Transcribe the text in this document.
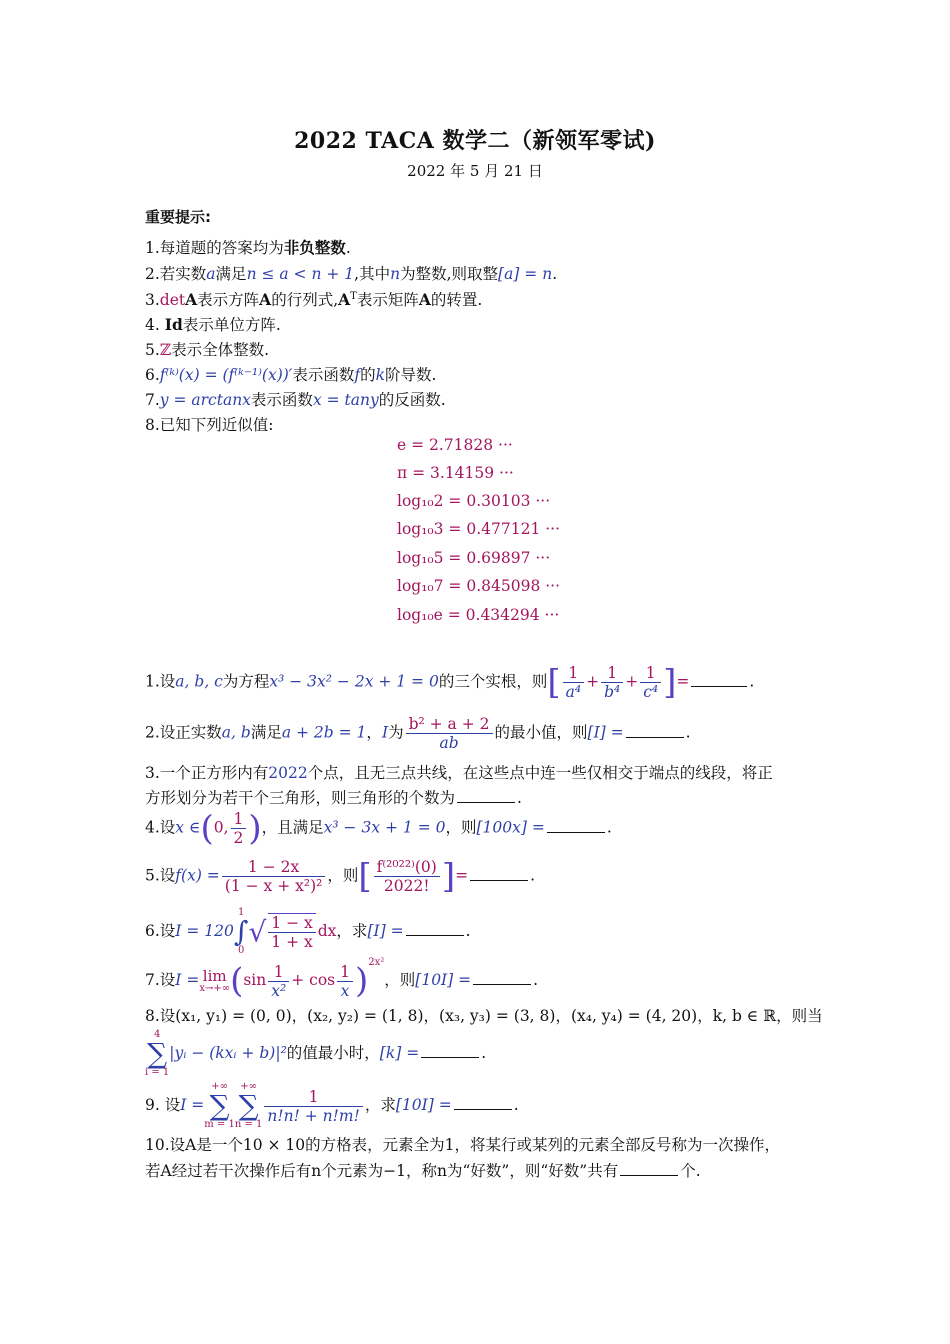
2022 TACA 数学二（新领军零试)
2022 年 5 月 21 日
重要提示:
1.每道题的答案均为非负整数.
2.若实数a满足n ≤ a < n + 1,其中n为整数,则取整[a] = n.
3.detA表示方阵A的行列式$,A^T$表示矩阵A的转置.
4. Id表示单位方阵.
5.ℤ表示全体整数.
6.f⁽ᵏ⁾(x) = (f⁽ᵏ⁻¹⁾(x))′表示函数f的k阶导数.
7.y = arctanx表示函数x = tany的反函数.
8.已知下列近似值:
e = 2.71828 ···
π = 3.14159 ···
log₁₀2 = 0.30103 ···
log₁₀3 = 0.477121 ···
log₁₀5 = 0.69897 ···
log₁₀7 = 0.845098 ···
log₁₀e = 0.434294 ···
1.设a, b, c为方程x³ − 3x² − 2x + 1 = 0的三个实根，则[ $\frac{1}{\text{a⁴}} + \frac{1}{\text{b⁴}} + \frac{1}{\text{c⁴}}$ ]=	.
2.设正实数a, b满足a + 2b = 1，I为 $\frac{\text{b² + a + 2}}{ab}$ 的最小值，则[I] =	.
3.一个正方形内有2022个点，且无三点共线，在这些点中连一些仅相交于端点的线段，将正
方形划分为若干个三角形，则三角形的个数为	.
4.设x ∈(0, $\frac{1}{2}$ )，且满足x³ − 3x + 1 = 0，则[100x] =	.
5.设$f(x) = \frac{1 - 2x}{\text{(1 − x + x²)²}}$ ，则[ $\frac{\text{f⁽²⁰²²⁾(0)}}{2022!}$ ]=	.
6.设I = 120
1
∫
0
√ $\frac{1 - x}{1 + x}$ dx，求[I] =	.
7.设I = lim
x→+∞ $(\sin \frac{1}{\text{x²}} + \cos \frac{1}{x} )^{2x^2}$，则[10I] =	.
8.设(x₁, y₁) = (0, 0)，(x₂, y₂) = (1, 8)，(x₃, y₃) = (3, 8)，(x₄, y₄) = (4, 20)，k, b ∈ ℝ，则当
4
∑
i = 1
|yᵢ − (kxᵢ + b)|²的值最小时，[k] =	.
9. 设I =
+∞
∑
m = 1
+∞
∑
$n = 1 \frac{1}{n!n! + n!m!}$ ，求[10I] =	.
10.设A是一个10 × 10的方格表，元素全为1，将某行或某列的元素全部反号称为一次操作，
若A经过若干次操作后有n个元素为−1，称n为“好数”，则“好数”共有	个.
